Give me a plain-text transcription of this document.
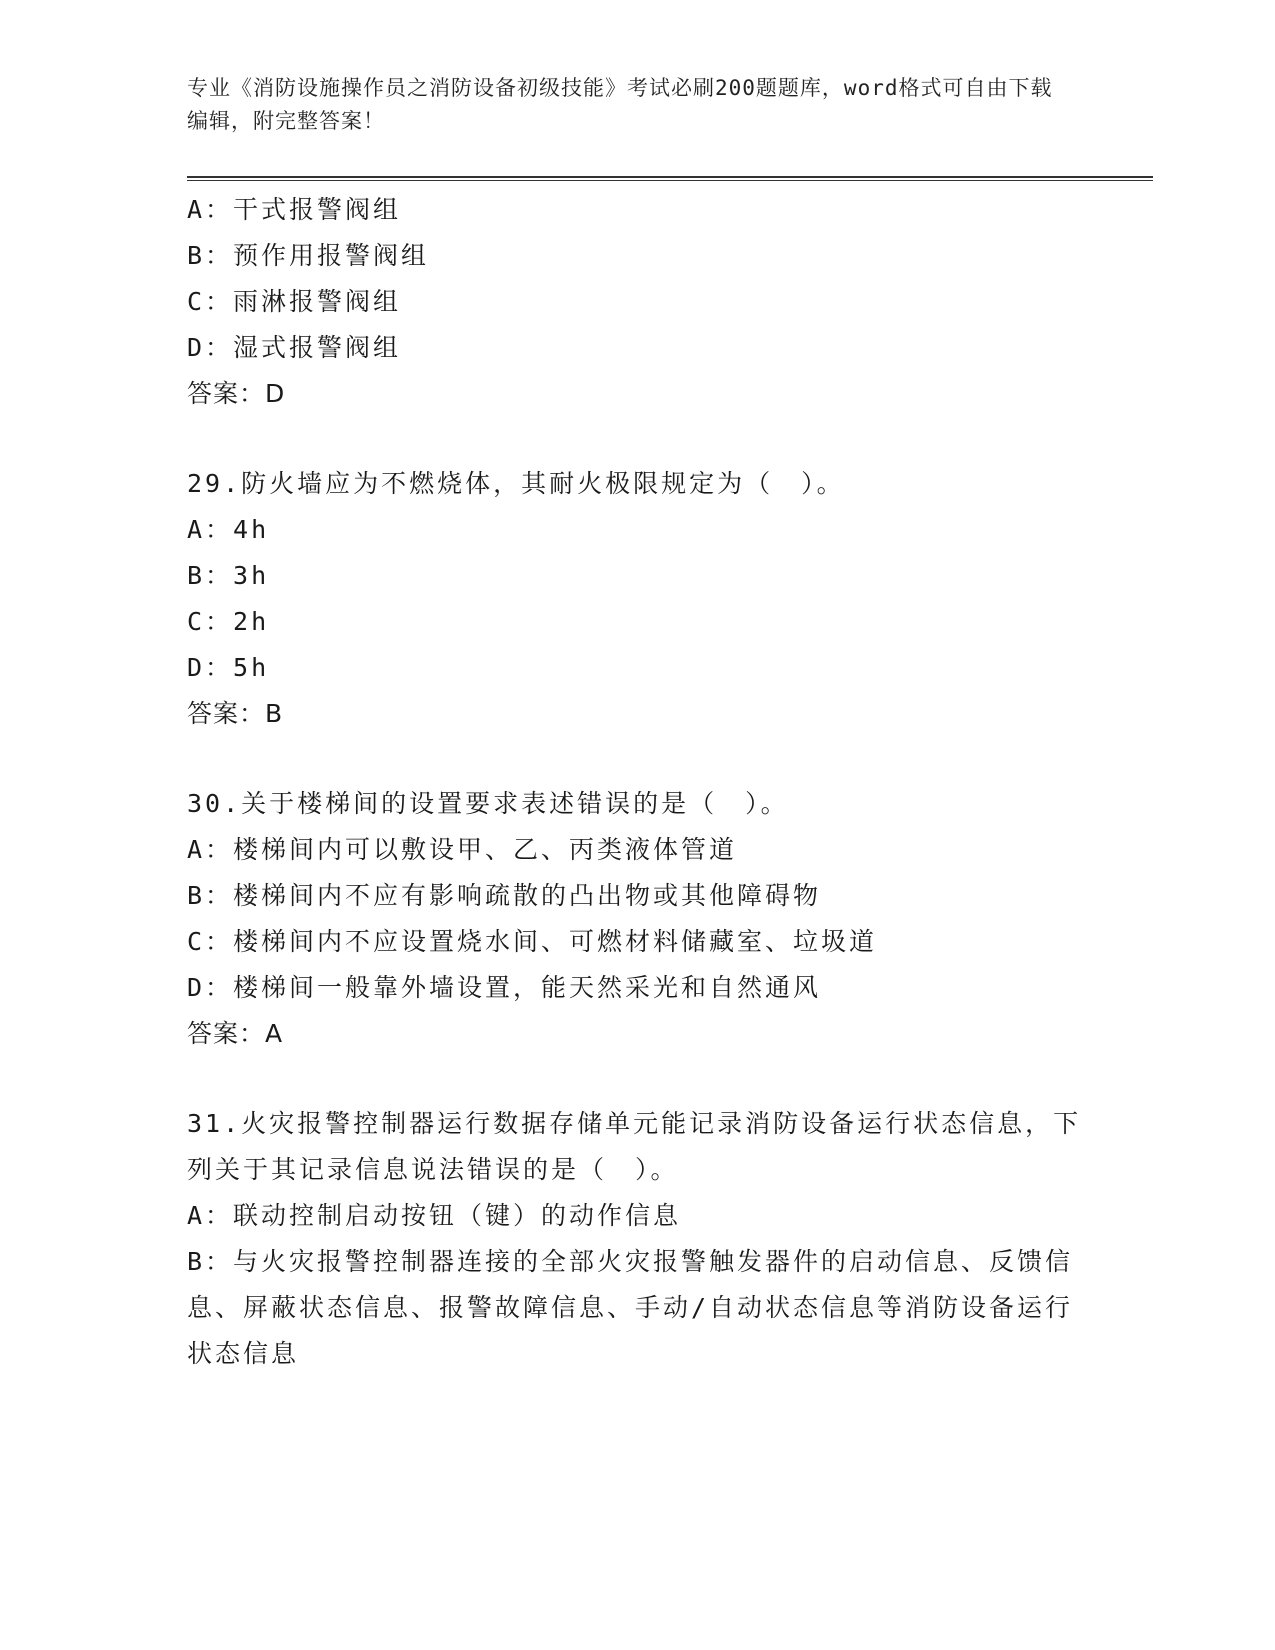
专业《消防设施操作员之消防设备初级技能》考试必刷200题题库，word格式可自由下载编辑，附完整答案！
A：干式报警阀组
B：预作用报警阀组
C：雨淋报警阀组
D：湿式报警阀组
答案：D
29.防火墙应为不燃烧体，其耐火极限规定为（　）。
A：4h
B：3h
C：2h
D：5h
答案：B
30.关于楼梯间的设置要求表述错误的是（　）。
A：楼梯间内可以敷设甲、乙、丙类液体管道
B：楼梯间内不应有影响疏散的凸出物或其他障碍物
C：楼梯间内不应设置烧水间、可燃材料储藏室、垃圾道
D：楼梯间一般靠外墙设置，能天然采光和自然通风
答案：A
31.火灾报警控制器运行数据存储单元能记录消防设备运行状态信息，下列关于其记录信息说法错误的是（　）。
A：联动控制启动按钮（键）的动作信息
B：与火灾报警控制器连接的全部火灾报警触发器件的启动信息、反馈信息、屏蔽状态信息、报警故障信息、手动/自动状态信息等消防设备运行状态信息
